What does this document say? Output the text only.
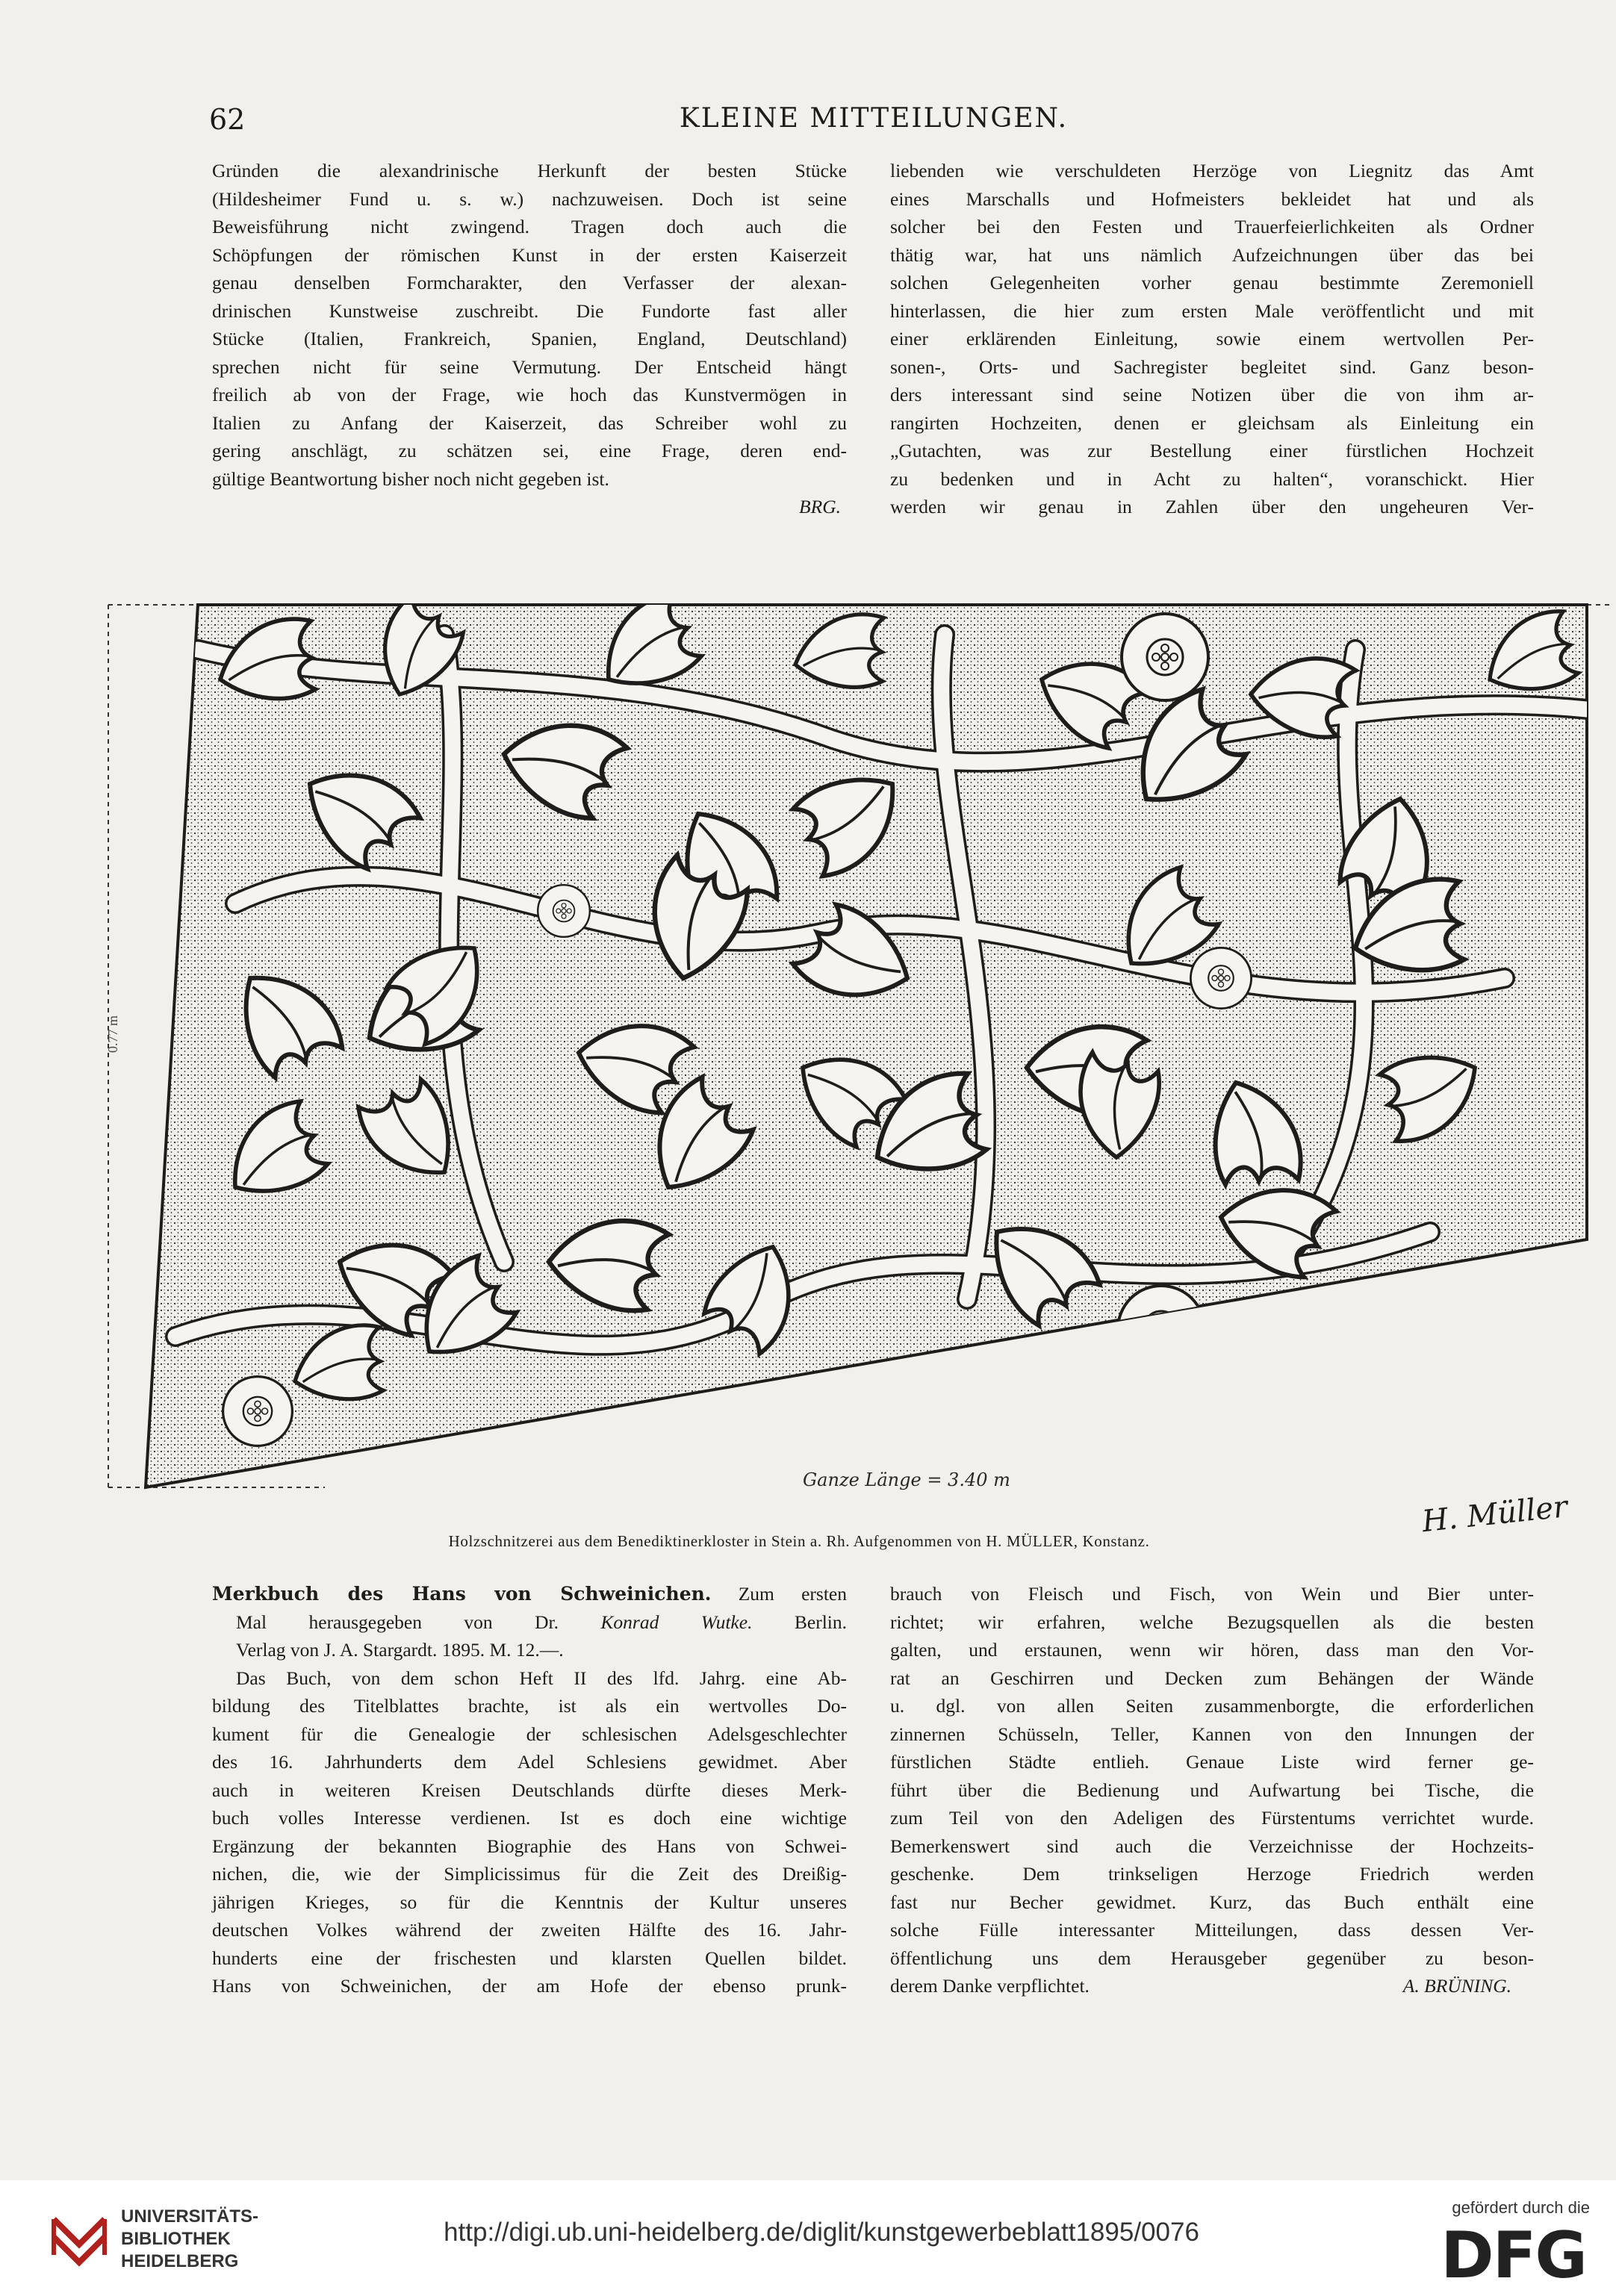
62	KLEINE MITTEILUNGEN.
Gründen die alexandrinische Herkunft der besten Stücke
(Hildesheimer Fund u. s. w.) nachzuweisen. Doch ist seine
Beweisführung nicht zwingend. Tragen doch auch die
Schöpfungen der römischen Kunst in der ersten Kaiserzeit
genau denselben Formcharakter, den Verfasser der alexan-
drinischen Kunstweise zuschreibt. Die Fundorte fast aller
Stücke (Italien, Frankreich, Spanien, England, Deutschland)
sprechen nicht für seine Vermutung. Der Entscheid hängt
freilich ab von der Frage, wie hoch das Kunstvermögen in
Italien zu Anfang der Kaiserzeit, das Schreiber wohl zu
gering anschlägt, zu schätzen sei, eine Frage, deren end-
gültige Beantwortung bisher noch nicht gegeben ist.
BRG.
liebenden wie verschuldeten Herzöge von Liegnitz das Amt
eines Marschalls und Hofmeisters bekleidet hat und als
solcher bei den Festen und Trauerfeierlichkeiten als Ordner
thätig war, hat uns nämlich Aufzeichnungen über das bei
solchen Gelegenheiten vorher genau bestimmte Zeremoniell
hinterlassen, die hier zum ersten Male veröffentlicht und mit
einer erklärenden Einleitung, sowie einem wertvollen Per-
sonen-, Orts- und Sachregister begleitet sind. Ganz beson-
ders interessant sind seine Notizen über die von ihm ar-
rangirten Hochzeiten, denen er gleichsam als Einleitung ein
„Gutachten, was zur Bestellung einer fürstlichen Hochzeit
zu bedenken und in Acht zu halten“, voranschickt. Hier
werden wir genau in Zahlen über den ungeheuren Ver-
0.77 m
Ganze Länge = 3.40 m
H. Müller
Holzschnitzerei aus dem Benediktinerkloster in Stein a. Rh. Aufgenommen von H. MÜLLER, Konstanz.
Merkbuch des Hans von Schweinichen. Zum ersten
Mal herausgegeben von Dr. Konrad Wutke. Berlin.
Verlag von J. A. Stargardt. 1895. M. 12.—.
Das Buch, von dem schon Heft II des lfd. Jahrg. eine Ab-
bildung des Titelblattes brachte, ist als ein wertvolles Do-
kument für die Genealogie der schlesischen Adelsgeschlechter
des 16. Jahrhunderts dem Adel Schlesiens gewidmet. Aber
auch in weiteren Kreisen Deutschlands dürfte dieses Merk-
buch volles Interesse verdienen. Ist es doch eine wichtige
Ergänzung der bekannten Biographie des Hans von Schwei-
nichen, die, wie der Simplicissimus für die Zeit des Dreißig-
jährigen Krieges, so für die Kenntnis der Kultur unseres
deutschen Volkes während der zweiten Hälfte des 16. Jahr-
hunderts eine der frischesten und klarsten Quellen bildet.
Hans von Schweinichen, der am Hofe der ebenso prunk-
brauch von Fleisch und Fisch, von Wein und Bier unter-
richtet; wir erfahren, welche Bezugsquellen als die besten
galten, und erstaunen, wenn wir hören, dass man den Vor-
rat an Geschirren und Decken zum Behängen der Wände
u. dgl. von allen Seiten zusammenborgte, die erforderlichen
zinnernen Schüsseln, Teller, Kannen von den Innungen der
fürstlichen Städte entlieh. Genaue Liste wird ferner ge-
führt über die Bedienung und Aufwartung bei Tische, die
zum Teil von den Adeligen des Fürstentums verrichtet wurde.
Bemerkenswert sind auch die Verzeichnisse der Hochzeits-
geschenke. Dem trinkseligen Herzoge Friedrich werden
fast nur Becher gewidmet. Kurz, das Buch enthält eine
solche Fülle interessanter Mitteilungen, dass dessen Ver-
öffentlichung uns dem Herausgeber gegenüber zu beson-
derem Danke verpflichtet.	A. BRÜNING.
UNIVERSITÄTS-
BIBLIOTHEK
HEIDELBERG
http://digi.ub.uni-heidelberg.de/diglit/kunstgewerbeblatt1895/0076
gefördert durch die
DFG
